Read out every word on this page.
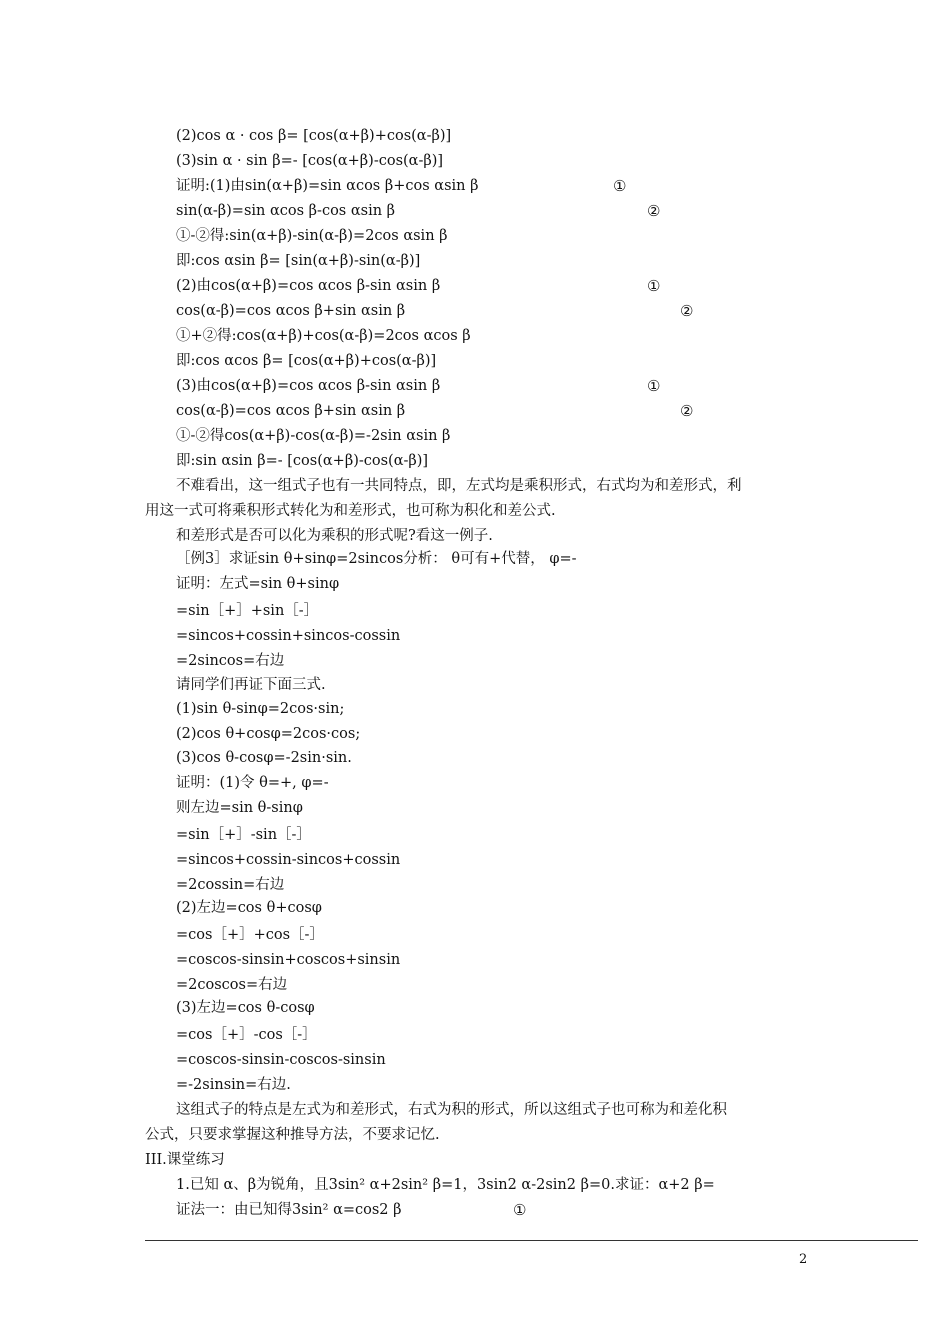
(2)cos α · cos β= [cos(α+β)+cos(α-β)]
(3)sin α · sin β=- [cos(α+β)-cos(α-β)]
证明:(1)由sin(α+β)=sin αcos β+cos αsin β	①
sin(α-β)=sin αcos β-cos αsin β	②
①-②得:sin(α+β)-sin(α-β)=2cos αsin β
即:cos αsin β= [sin(α+β)-sin(α-β)]
(2)由cos(α+β)=cos αcos β-sin αsin β	①
cos(α-β)=cos αcos β+sin αsin β	②
①+②得:cos(α+β)+cos(α-β)=2cos αcos β
即:cos αcos β= [cos(α+β)+cos(α-β)]
(3)由cos(α+β)=cos αcos β-sin αsin β	①
cos(α-β)=cos αcos β+sin αsin β	②
①-②得cos(α+β)-cos(α-β)=-2sin αsin β
即:sin αsin β=- [cos(α+β)-cos(α-β)]
不难看出，这一组式子也有一共同特点，即，左式均是乘积形式，右式均为和差形式，利
用这一式可将乘积形式转化为和差形式，也可称为积化和差公式.
和差形式是否可以化为乘积的形式呢?看这一例子.
［例3］求证sin θ+sinφ=2sincos分析： θ可有+代替， φ=-
证明：左式=sin θ+sinφ
=sin［+］+sin［-］
=sincos+cossin+sincos-cossin
=2sincos=右边
请同学们再证下面三式.
(1)sin θ-sinφ=2cos·sin;
(2)cos θ+cosφ=2cos·cos;
(3)cos θ-cosφ=-2sin·sin.
证明：(1)令 θ=+, φ=-
则左边=sin θ-sinφ
=sin［+］-sin［-］
=sincos+cossin-sincos+cossin
=2cossin=右边
(2)左边=cos θ+cosφ
=cos［+］+cos［-］
=coscos-sinsin+coscos+sinsin
=2coscos=右边
(3)左边=cos θ-cosφ
=cos［+］-cos［-］
=coscos-sinsin-coscos-sinsin
=-2sinsin=右边.
这组式子的特点是左式为和差形式，右式为积的形式，所以这组式子也可称为和差化积
公式，只要求掌握这种推导方法，不要求记忆.
III.课堂练习
1.已知 α、β为锐角，且3sin² α+2sin² β=1，3sin2 α-2sin2 β=0.求证：α+2 β=
证法一：由已知得3sin² α=cos2 β	①
2
